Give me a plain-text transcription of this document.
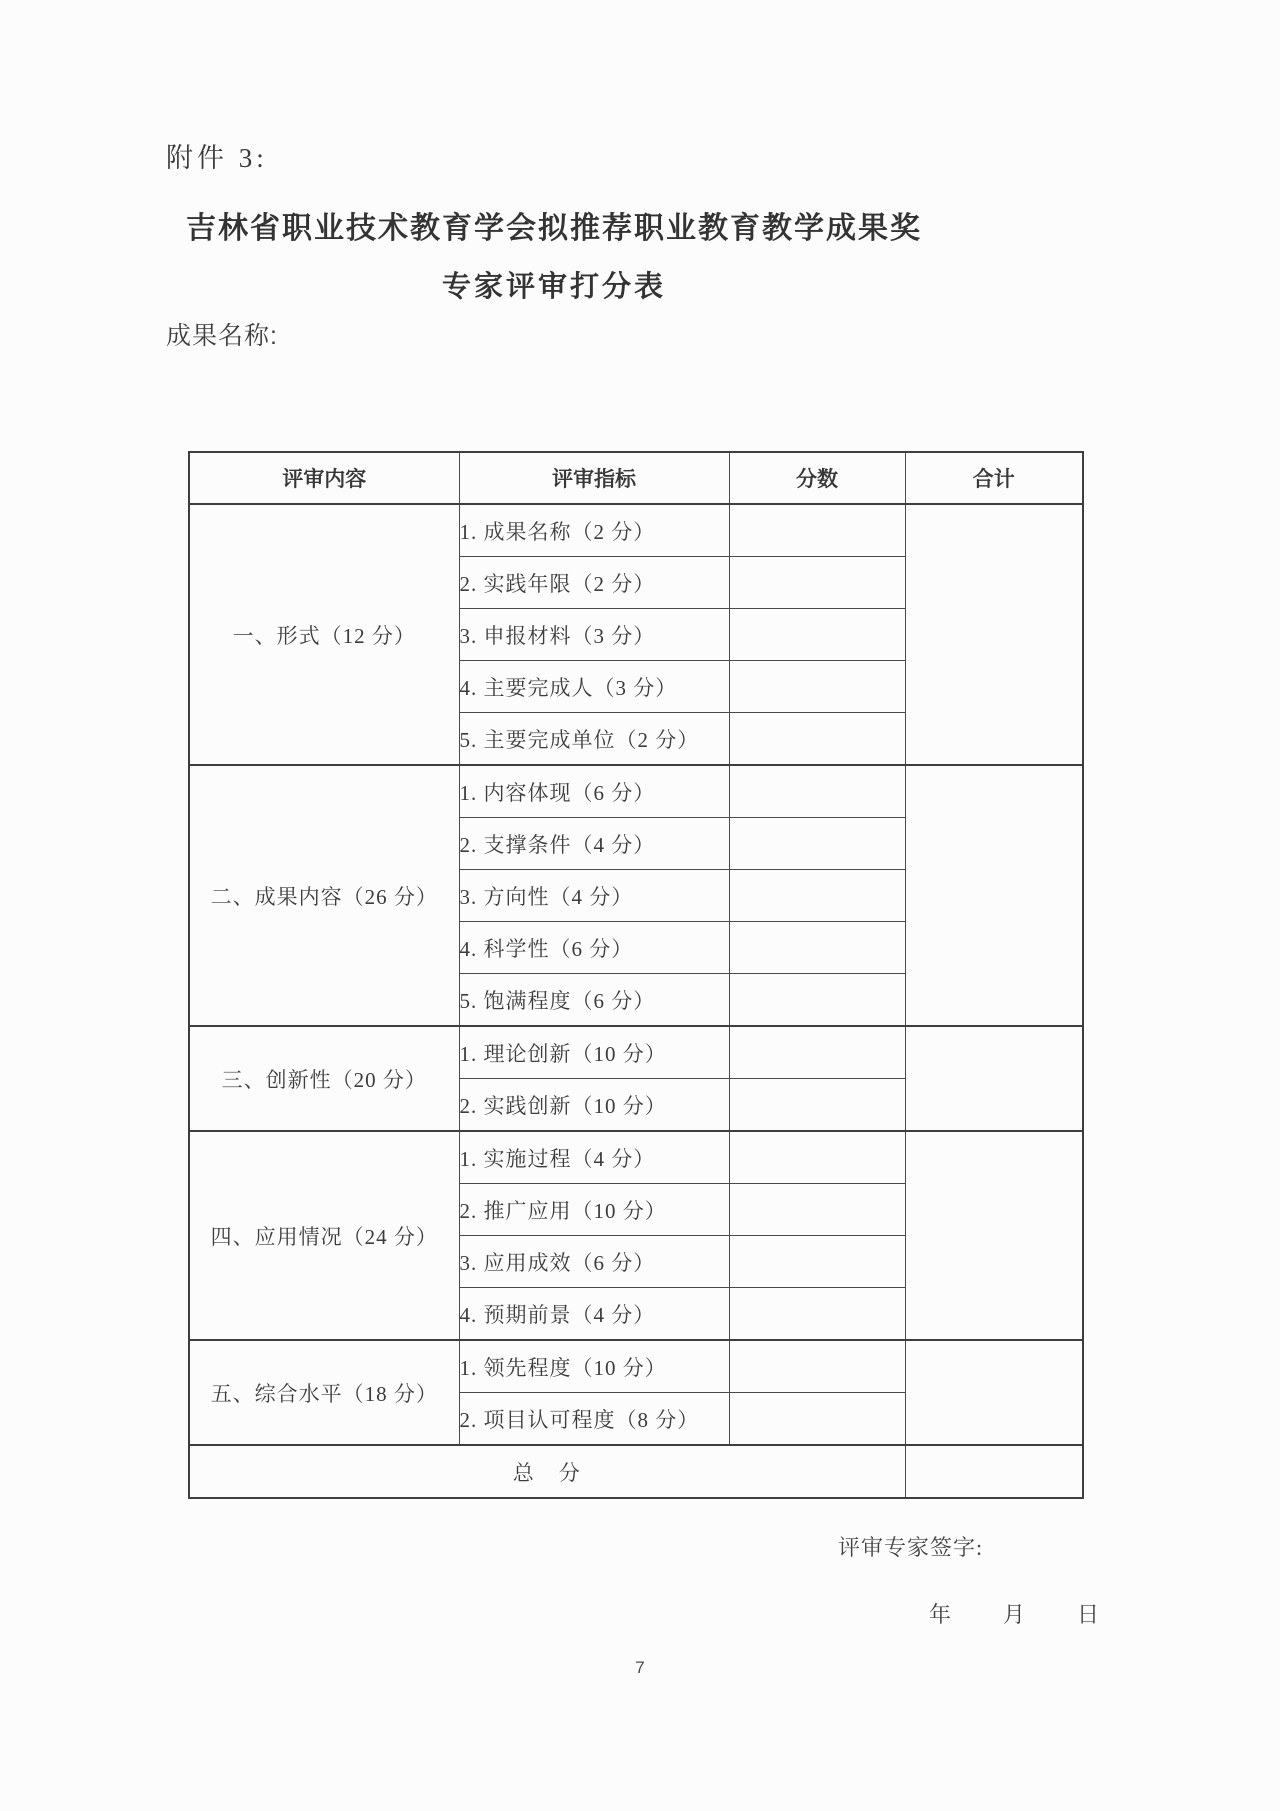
附件 3:
吉林省职业技术教育学会拟推荐职业教育教学成果奖
专家评审打分表
成果名称:
评审内容	评审指标	分数	合计
一、形式（12 分）	1. 成果名称（2 分）		
	2. 实践年限（2 分）		
	3. 申报材料（3 分）		
	4. 主要完成人（3 分）		
	5. 主要完成单位（2 分）		
二、成果内容（26 分）	1. 内容体现（6 分）		
	2. 支撑条件（4 分）		
	3. 方向性（4 分）		
	4. 科学性（6 分）		
	5. 饱满程度（6 分）		
三、创新性（20 分）	1. 理论创新（10 分）		
	2. 实践创新（10 分）		
四、应用情况（24 分）	1. 实施过程（4 分）		
	2. 推广应用（10 分）		
	3. 应用成效（6 分）		
	4. 预期前景（4 分）		
五、综合水平（18 分）	1. 领先程度（10 分）		
	2. 项目认可程度（8 分）		
总　分			
评审专家签字:
年 月 日
7
